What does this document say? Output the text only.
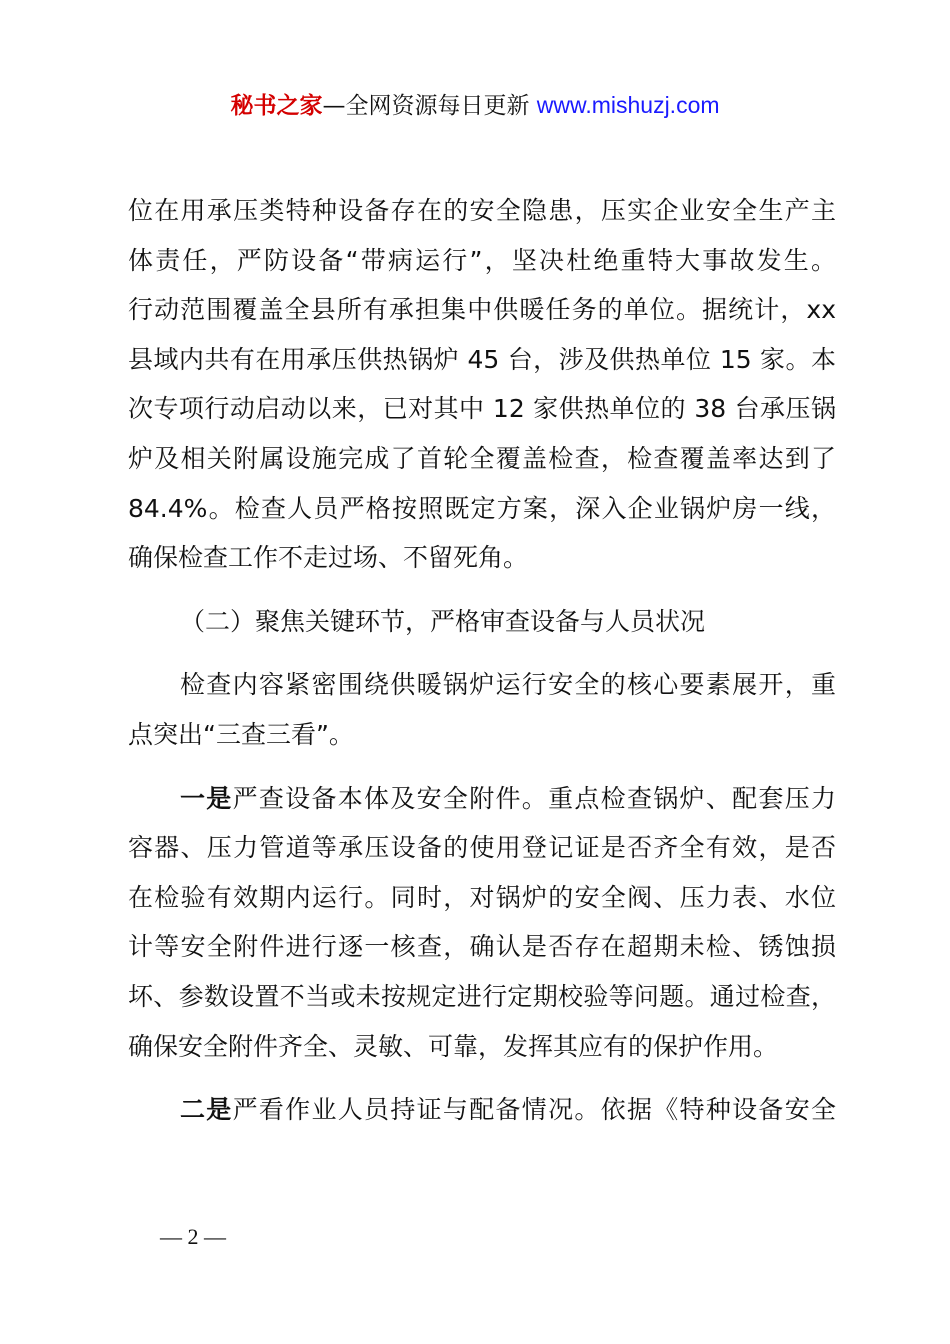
秘书之家—全网资源每日更新 www.mishuzj.com
位在用承压类特种设备存在的安全隐患，压实企业安全生产主
体责任，严防设备“带病运行”，坚决杜绝重特大事故发生。
行动范围覆盖全县所有承担集中供暖任务的单位。据统计，xx
县域内共有在用承压供热锅炉 45 台，涉及供热单位 15 家。本
次专项行动启动以来，已对其中 12 家供热单位的 38 台承压锅
炉及相关附属设施完成了首轮全覆盖检查，检查覆盖率达到了
84.4%。检查人员严格按照既定方案，深入企业锅炉房一线，
确保检查工作不走过场、不留死角。
（二）聚焦关键环节，严格审查设备与人员状况
检查内容紧密围绕供暖锅炉运行安全的核心要素展开，重
点突出“三查三看”。
一是严查设备本体及安全附件。重点检查锅炉、配套压力
容器、压力管道等承压设备的使用登记证是否齐全有效，是否
在检验有效期内运行。同时，对锅炉的安全阀、压力表、水位
计等安全附件进行逐一核查，确认是否存在超期未检、锈蚀损
坏、参数设置不当或未按规定进行定期校验等问题。通过检查，
确保安全附件齐全、灵敏、可靠，发挥其应有的保护作用。
二是严看作业人员持证与配备情况。依据《特种设备安全
— 2 —
